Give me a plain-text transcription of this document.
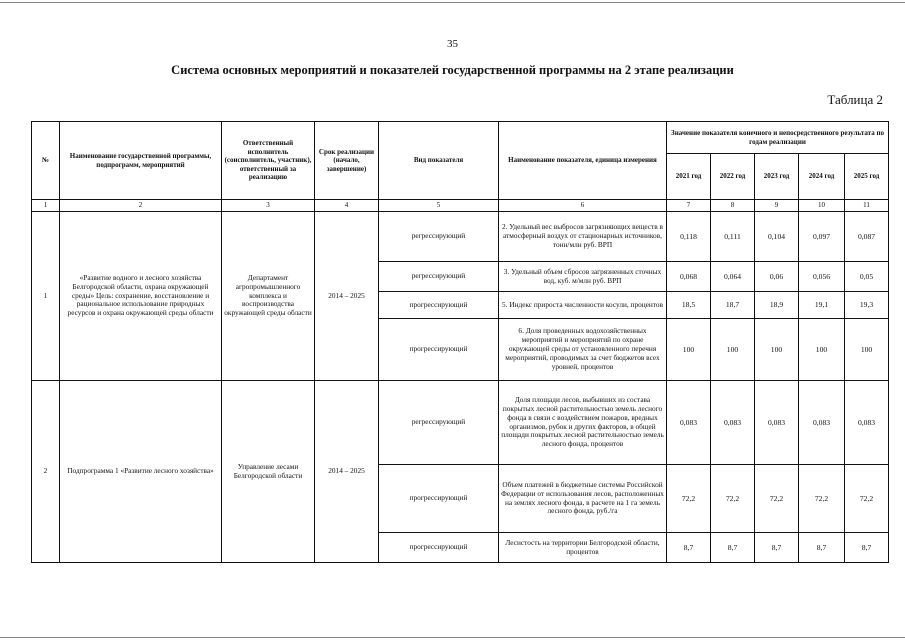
35
Система основных мероприятий и показателей государственной программы на 2 этапе реализации
Таблица 2
№	Наименование государственной программы, подпрограмм, мероприятий	Ответственный исполнитель (соисполнитель, участник), ответственный за реализацию	Срок реализации (начало, завершение)	Вид показателя	Наименование показателя, единица измерения	Значение показателя конечного и непосредственного результата по годам реализации				
						2021 год	2022 год	2023 год	2024 год	2025 год
1	2	3	4	5	6	7	8	9	10	11
1	«Развитие водного и лесного хозяйства Белгородской области, охрана окружающей среды» Цель: сохранение, восстановление и рациональное использование природных ресурсов и охрана окружающей среды области	Департамент агропромышленного комплекса и воспроизводства окружающей среды области	2014 – 2025	регрессирующий	2. Удельный вес выбросов загрязняющих веществ в атмосферный воздух от стационарных источников, тонн/млн руб. ВРП	0,118	0,111	0,104	0,097	0,087
				регрессирующий	3. Удельный объем сбросов загрязненных сточных вод, куб. м/млн руб. ВРП	0,068	0,064	0,06	0,056	0,05
				прогрессирующий	5. Индекс прироста численности косули, процентов	18,5	18,7	18,9	19,1	19,3
				прогрессирующий	6. Доля проведенных водохозяйственных мероприятий и мероприятий по охране окружающей среды от установленного перечня мероприятий, проводимых за счет бюджетов всех уровней, процентов	100	100	100	100	100
2	Подпрограмма 1 «Развитие лесного хозяйства»	Управление лесами Белгородской области	2014 – 2025	регрессирующий	Доля площади лесов, выбывших из состава покрытых лесной растительностью земель лесного фонда в связи с воздействием пожаров, вредных организмов, рубок и других факторов, в общей площади покрытых лесной растительностью земель лесного фонда, процентов	0,083	0,083	0,083	0,083	0,083
				прогрессирующий	Объем платежей в бюджетные системы Российской Федерации от использования лесов, расположенных на землях лесного фонда, в расчете на 1 га земель лесного фонда, руб./га	72,2	72,2	72,2	72,2	72,2
				прогрессирующий	Лесистость на территории Белгородской области, процентов	8,7	8,7	8,7	8,7	8,7
